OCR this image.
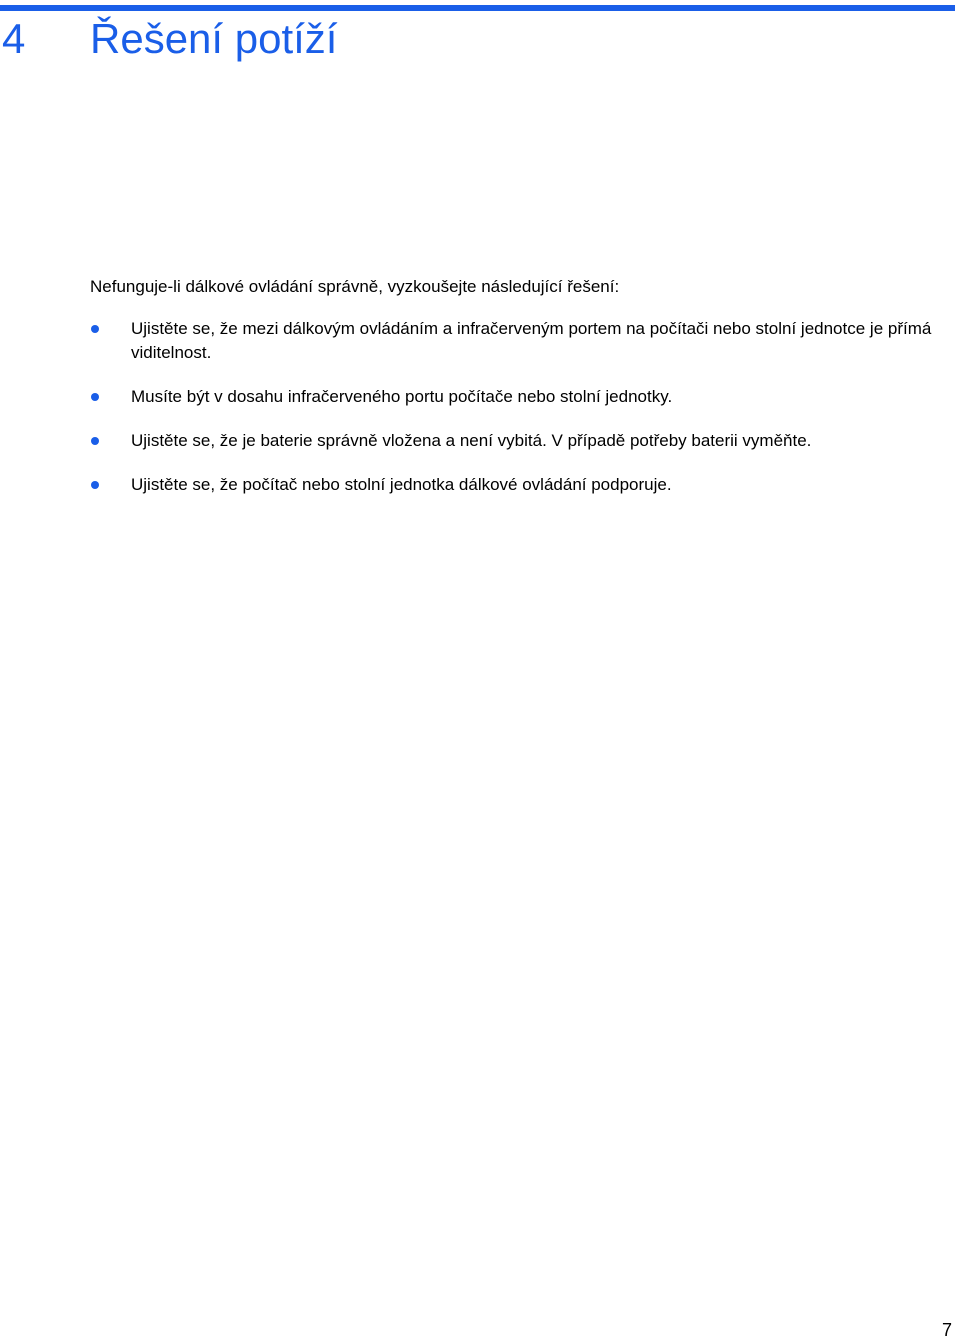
4 Řešení potíží

Nefunguje-li dálkové ovládání správně, vyzkoušejte následující řešení:

Ujistěte se, že mezi dálkovým ovládáním a infračerveným portem na počítači nebo stolní jednotce je přímá viditelnost.
Musíte být v dosahu infračerveného portu počítače nebo stolní jednotky.
Ujistěte se, že je baterie správně vložena a není vybitá. V případě potřeby baterii vyměňte.
Ujistěte se, že počítač nebo stolní jednotka dálkové ovládání podporuje.
7
